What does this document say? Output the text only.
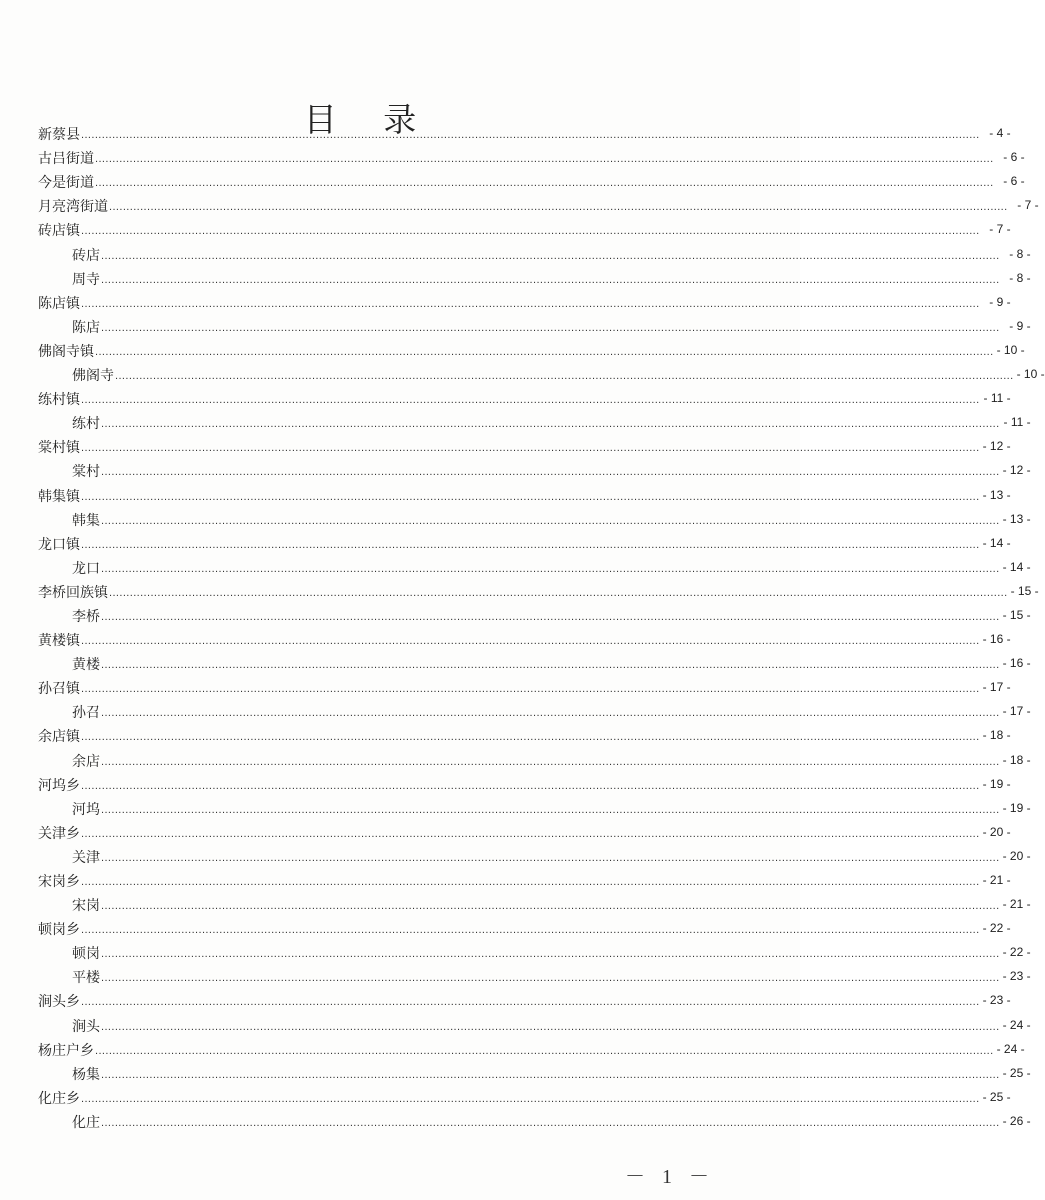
目 录
新蔡县 .................................................................................................................................................................................................................................................................... - 4 -
古吕街道 .................................................................................................................................................................................................................................................................... - 6 -
今是街道 .................................................................................................................................................................................................................................................................... - 6 -
月亮湾街道 .................................................................................................................................................................................................................................................................... - 7 -
砖店镇 .................................................................................................................................................................................................................................................................... - 7 -
砖店 .................................................................................................................................................................................................................................................................... - 8 -
周寺 .................................................................................................................................................................................................................................................................... - 8 -
陈店镇 .................................................................................................................................................................................................................................................................... - 9 -
陈店 .................................................................................................................................................................................................................................................................... - 9 -
佛阁寺镇 .................................................................................................................................................................................................................................................................... - 10 -
佛阁寺 .................................................................................................................................................................................................................................................................... - 10 -
练村镇 .................................................................................................................................................................................................................................................................... - 11 -
练村 .................................................................................................................................................................................................................................................................... - 11 -
棠村镇 .................................................................................................................................................................................................................................................................... - 12 -
棠村 .................................................................................................................................................................................................................................................................... - 12 -
韩集镇 .................................................................................................................................................................................................................................................................... - 13 -
韩集 .................................................................................................................................................................................................................................................................... - 13 -
龙口镇 .................................................................................................................................................................................................................................................................... - 14 -
龙口 .................................................................................................................................................................................................................................................................... - 14 -
李桥回族镇 .................................................................................................................................................................................................................................................................... - 15 -
李桥 .................................................................................................................................................................................................................................................................... - 15 -
黄楼镇 .................................................................................................................................................................................................................................................................... - 16 -
黄楼 .................................................................................................................................................................................................................................................................... - 16 -
孙召镇 .................................................................................................................................................................................................................................................................... - 17 -
孙召 .................................................................................................................................................................................................................................................................... - 17 -
余店镇 .................................................................................................................................................................................................................................................................... - 18 -
余店 .................................................................................................................................................................................................................................................................... - 18 -
河坞乡 .................................................................................................................................................................................................................................................................... - 19 -
河坞 .................................................................................................................................................................................................................................................................... - 19 -
关津乡 .................................................................................................................................................................................................................................................................... - 20 -
关津 .................................................................................................................................................................................................................................................................... - 20 -
宋岗乡 .................................................................................................................................................................................................................................................................... - 21 -
宋岗 .................................................................................................................................................................................................................................................................... - 21 -
顿岗乡 .................................................................................................................................................................................................................................................................... - 22 -
顿岗 .................................................................................................................................................................................................................................................................... - 22 -
平楼 .................................................................................................................................................................................................................................................................... - 23 -
涧头乡 .................................................................................................................................................................................................................................................................... - 23 -
涧头 .................................................................................................................................................................................................................................................................... - 24 -
杨庄户乡 .................................................................................................................................................................................................................................................................... - 24 -
杨集 .................................................................................................................................................................................................................................................................... - 25 -
化庄乡 .................................................................................................................................................................................................................................................................... - 25 -
化庄 .................................................................................................................................................................................................................................................................... - 26 -
－ 1 －
